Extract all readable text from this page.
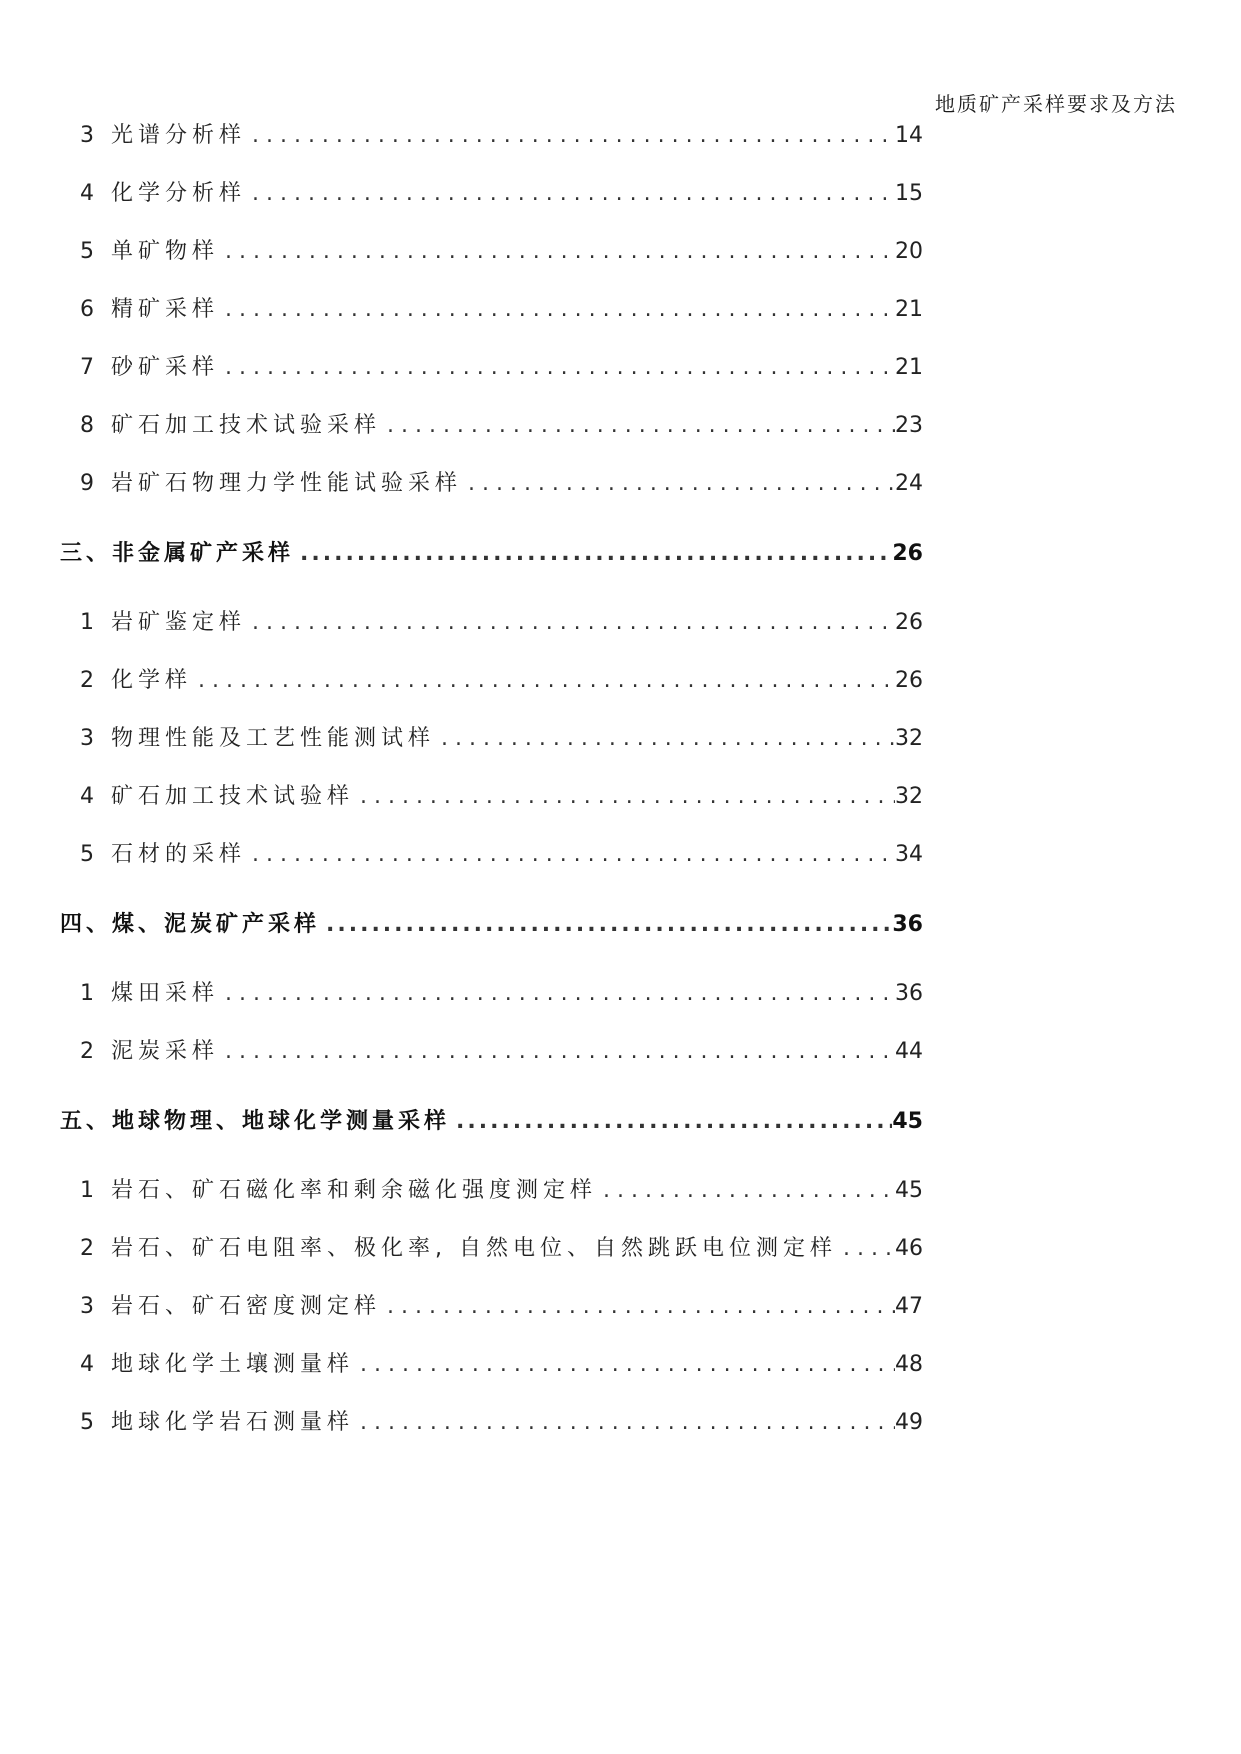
地质矿产采样要求及方法
3 光谱分析样 . . .	14
4 化学分析样 . . .	15
5 单矿物样 . . .	20
6 精矿采样 . . .	21
7 砂矿采样 . . .	21
8 矿石加工技术试验采样 . . .	23
9 岩矿石物理力学性能试验采样 . . .	24
三、非金属矿产采样 .....	26
1 岩矿鉴定样 . . .	26
2 化学样 . . .	26
3 物理性能及工艺性能测试样 . . .	32
4 矿石加工技术试验样 . . .	32
5 石材的采样 . . .	34
四、煤、泥炭矿产采样 .....	36
1 煤田采样 . . .	36
2 泥炭采样 . . .	44
五、地球物理、地球化学测量采样 .....	45
1 岩石、矿石磁化率和剩余磁化强度测定样 . . .	45
2 岩石、矿石电阻率、极化率, 自然电位、自然跳跃电位测定样 . . .	46
3 岩石、矿石密度测定样 . . .	47
4 地球化学土壤测量样 . . .	48
5 地球化学岩石测量样 . . .	49
